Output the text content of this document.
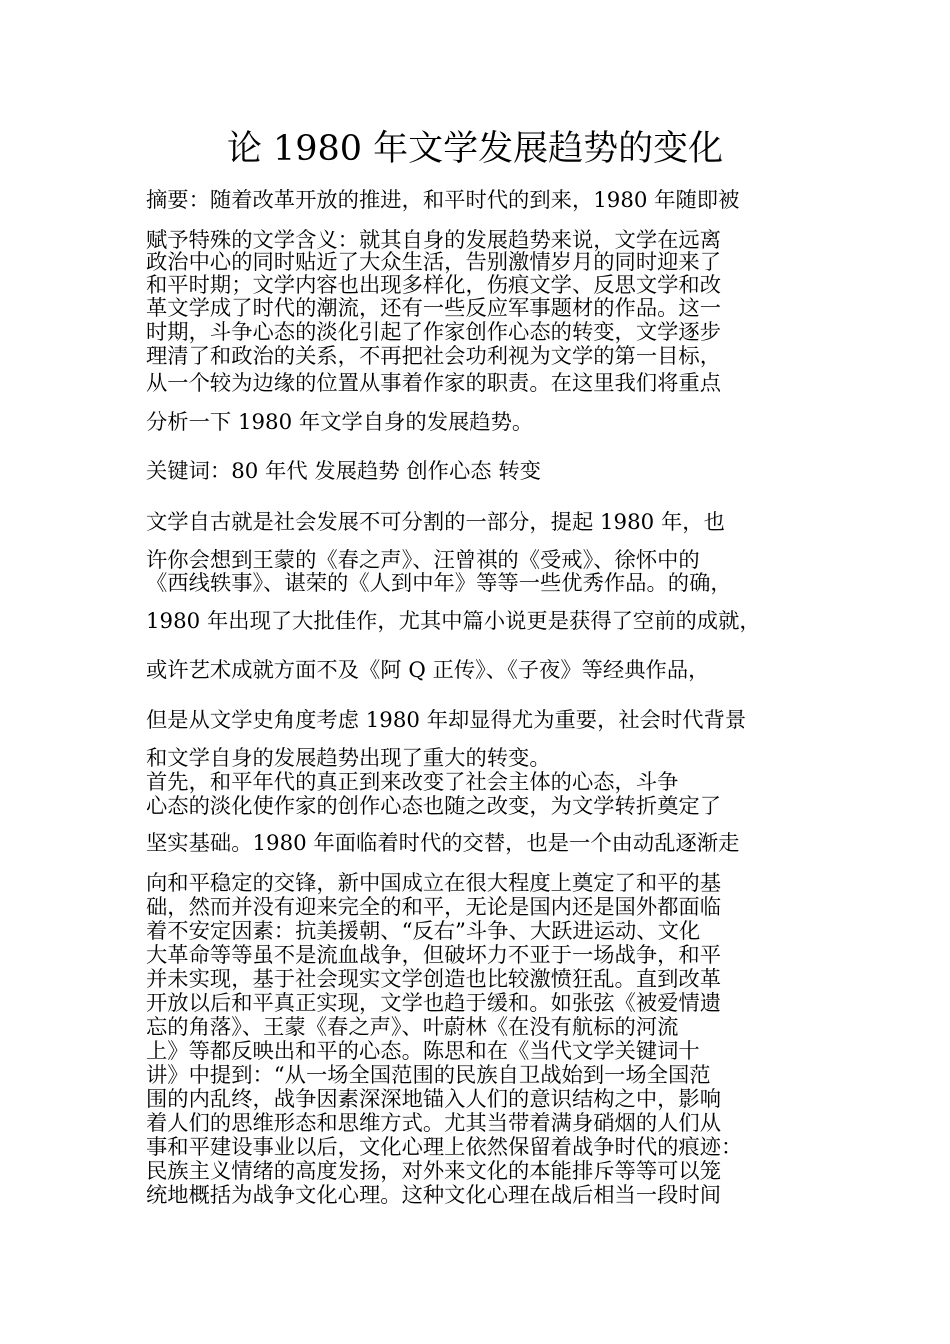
论 1980 年文学发展趋势的变化
摘要：随着改革开放的推进，和平时代的到来，1980 年随即被
赋予特殊的文学含义：就其自身的发展趋势来说，文学在远离
政治中心的同时贴近了大众生活，告别激情岁月的同时迎来了
和平时期；文学内容也出现多样化，伤痕文学、反思文学和改
革文学成了时代的潮流，还有一些反应军事题材的作品。这一
时期，斗争心态的淡化引起了作家创作心态的转变，文学逐步
理清了和政治的关系，不再把社会功利视为文学的第一目标，
从一个较为边缘的位置从事着作家的职责。在这里我们将重点
分析一下 1980 年文学自身的发展趋势。
关键词：80 年代 发展趋势 创作心态 转变
文学自古就是社会发展不可分割的一部分，提起 1980 年，也
许你会想到王蒙的《春之声》、汪曾祺的《受戒》、徐怀中的
《西线轶事》、谌荣的《人到中年》等等一些优秀作品。的确，
1980 年出现了大批佳作，尤其中篇小说更是获得了空前的成就，
或许艺术成就方面不及《阿 Q 正传》、《子夜》等经典作品，
但是从文学史角度考虑 1980 年却显得尤为重要，社会时代背景
和文学自身的发展趋势出现了重大的转变。
首先，和平年代的真正到来改变了社会主体的心态，斗争
心态的淡化使作家的创作心态也随之改变，为文学转折奠定了
坚实基础。1980 年面临着时代的交替，也是一个由动乱逐渐走
向和平稳定的交锋，新中国成立在很大程度上奠定了和平的基
础，然而并没有迎来完全的和平，无论是国内还是国外都面临
着不安定因素：抗美援朝、“反右”斗争、大跃进运动、文化
大革命等等虽不是流血战争，但破坏力不亚于一场战争，和平
并未实现，基于社会现实文学创造也比较激愤狂乱。直到改革
开放以后和平真正实现，文学也趋于缓和。如张弦《被爱情遗
忘的角落》、王蒙《春之声》、叶蔚林《在没有航标的河流
上》等都反映出和平的心态。陈思和在《当代文学关键词十
讲》中提到：“从一场全国范围的民族自卫战始到一场全国范
围的内乱终，战争因素深深地锚入人们的意识结构之中，影响
着人们的思维形态和思维方式。尤其当带着满身硝烟的人们从
事和平建设事业以后，文化心理上依然保留着战争时代的痕迹：
民族主义情绪的高度发扬，对外来文化的本能排斥等等可以笼
统地概括为战争文化心理。这种文化心理在战后相当一段时间
